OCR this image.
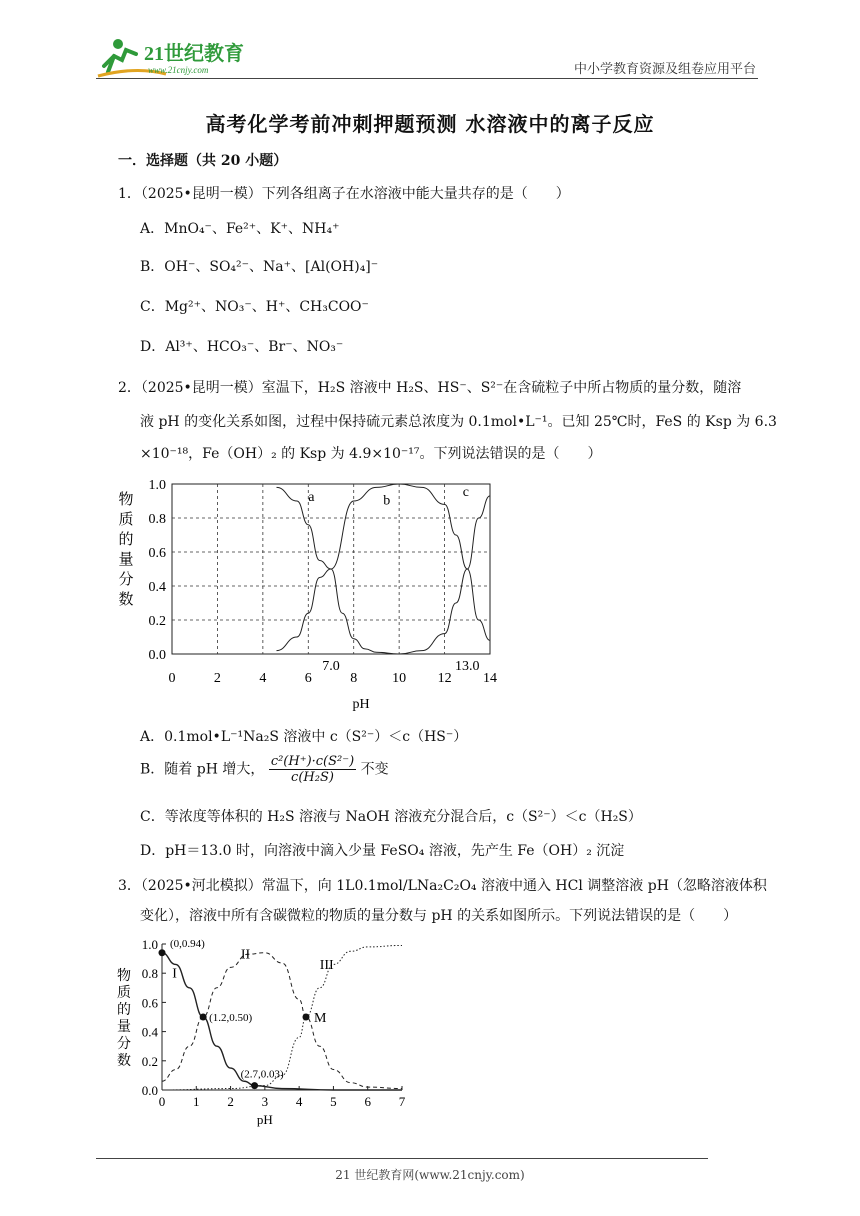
21世纪教育
www.21cnjy.com	中小学教育资源及组卷应用平台
高考化学考前冲刺押题预测 水溶液中的离子反应
一．选择题（共 20 小题）
1．（2025•昆明一模）下列各组离子在水溶液中能大量共存的是（　　）
A．MnO₄⁻、Fe²⁺、K⁺、NH₄⁺
B．OH⁻、SO₄²⁻、Na⁺、[Al(OH)₄]⁻
C．Mg²⁺、NO₃⁻、H⁺、CH₃COO⁻
D．Al³⁺、HCO₃⁻、Br⁻、NO₃⁻
2．（2025•昆明一模）室温下，H₂S 溶液中 H₂S、HS⁻、S²⁻在含硫粒子中所占物质的量分数，随溶
液 pH 的变化关系如图，过程中保持硫元素总浓度为 0.1mol•L⁻¹。已知 25℃时，FeS 的 Ksp 为 6.3
×10⁻¹⁸，Fe（OH）₂ 的 Ksp 为 4.9×10⁻¹⁷。下列说法错误的是（　　）
0	2	4	6	8 10 12 14
0.0
0.2
0.4
0.6
0.8
1.0
7.0	13.0
pH
物
质
的
量
分
数
a	b
c
A．0.1mol•L⁻¹Na₂S 溶液中 c（S²⁻）＜c（HS⁻）
B．随着 pH 增大， $\frac{\text{c²(H⁺)·c(S²⁻)}}{\text{c(H₂S)}}$ 不变
C．等浓度等体积的 H₂S 溶液与 NaOH 溶液充分混合后，c（S²⁻）＜c（H₂S）
D．pH＝13.0 时，向溶液中滴入少量 FeSO₄ 溶液，先产生 Fe（OH）₂ 沉淀
3．（2025•河北模拟）常温下，向 1L0.1mol/LNa₂C₂O₄ 溶液中通入 HCl 调整溶液 pH（忽略溶液体积
变化），溶液中所有含碳微粒的物质的量分数与 pH 的关系如图所示。下列说法错误的是（　　）
0 1 2 3 4 5 6 7
0.0
0.2
0.4
0.6
0.8
1.0
pH
物
质
的
量
分
数
I
II
III
(0,0.94)
(1.2,0.50)
(2.7,0.03)
M
21 世纪教育网(www.21cnjy.com)
